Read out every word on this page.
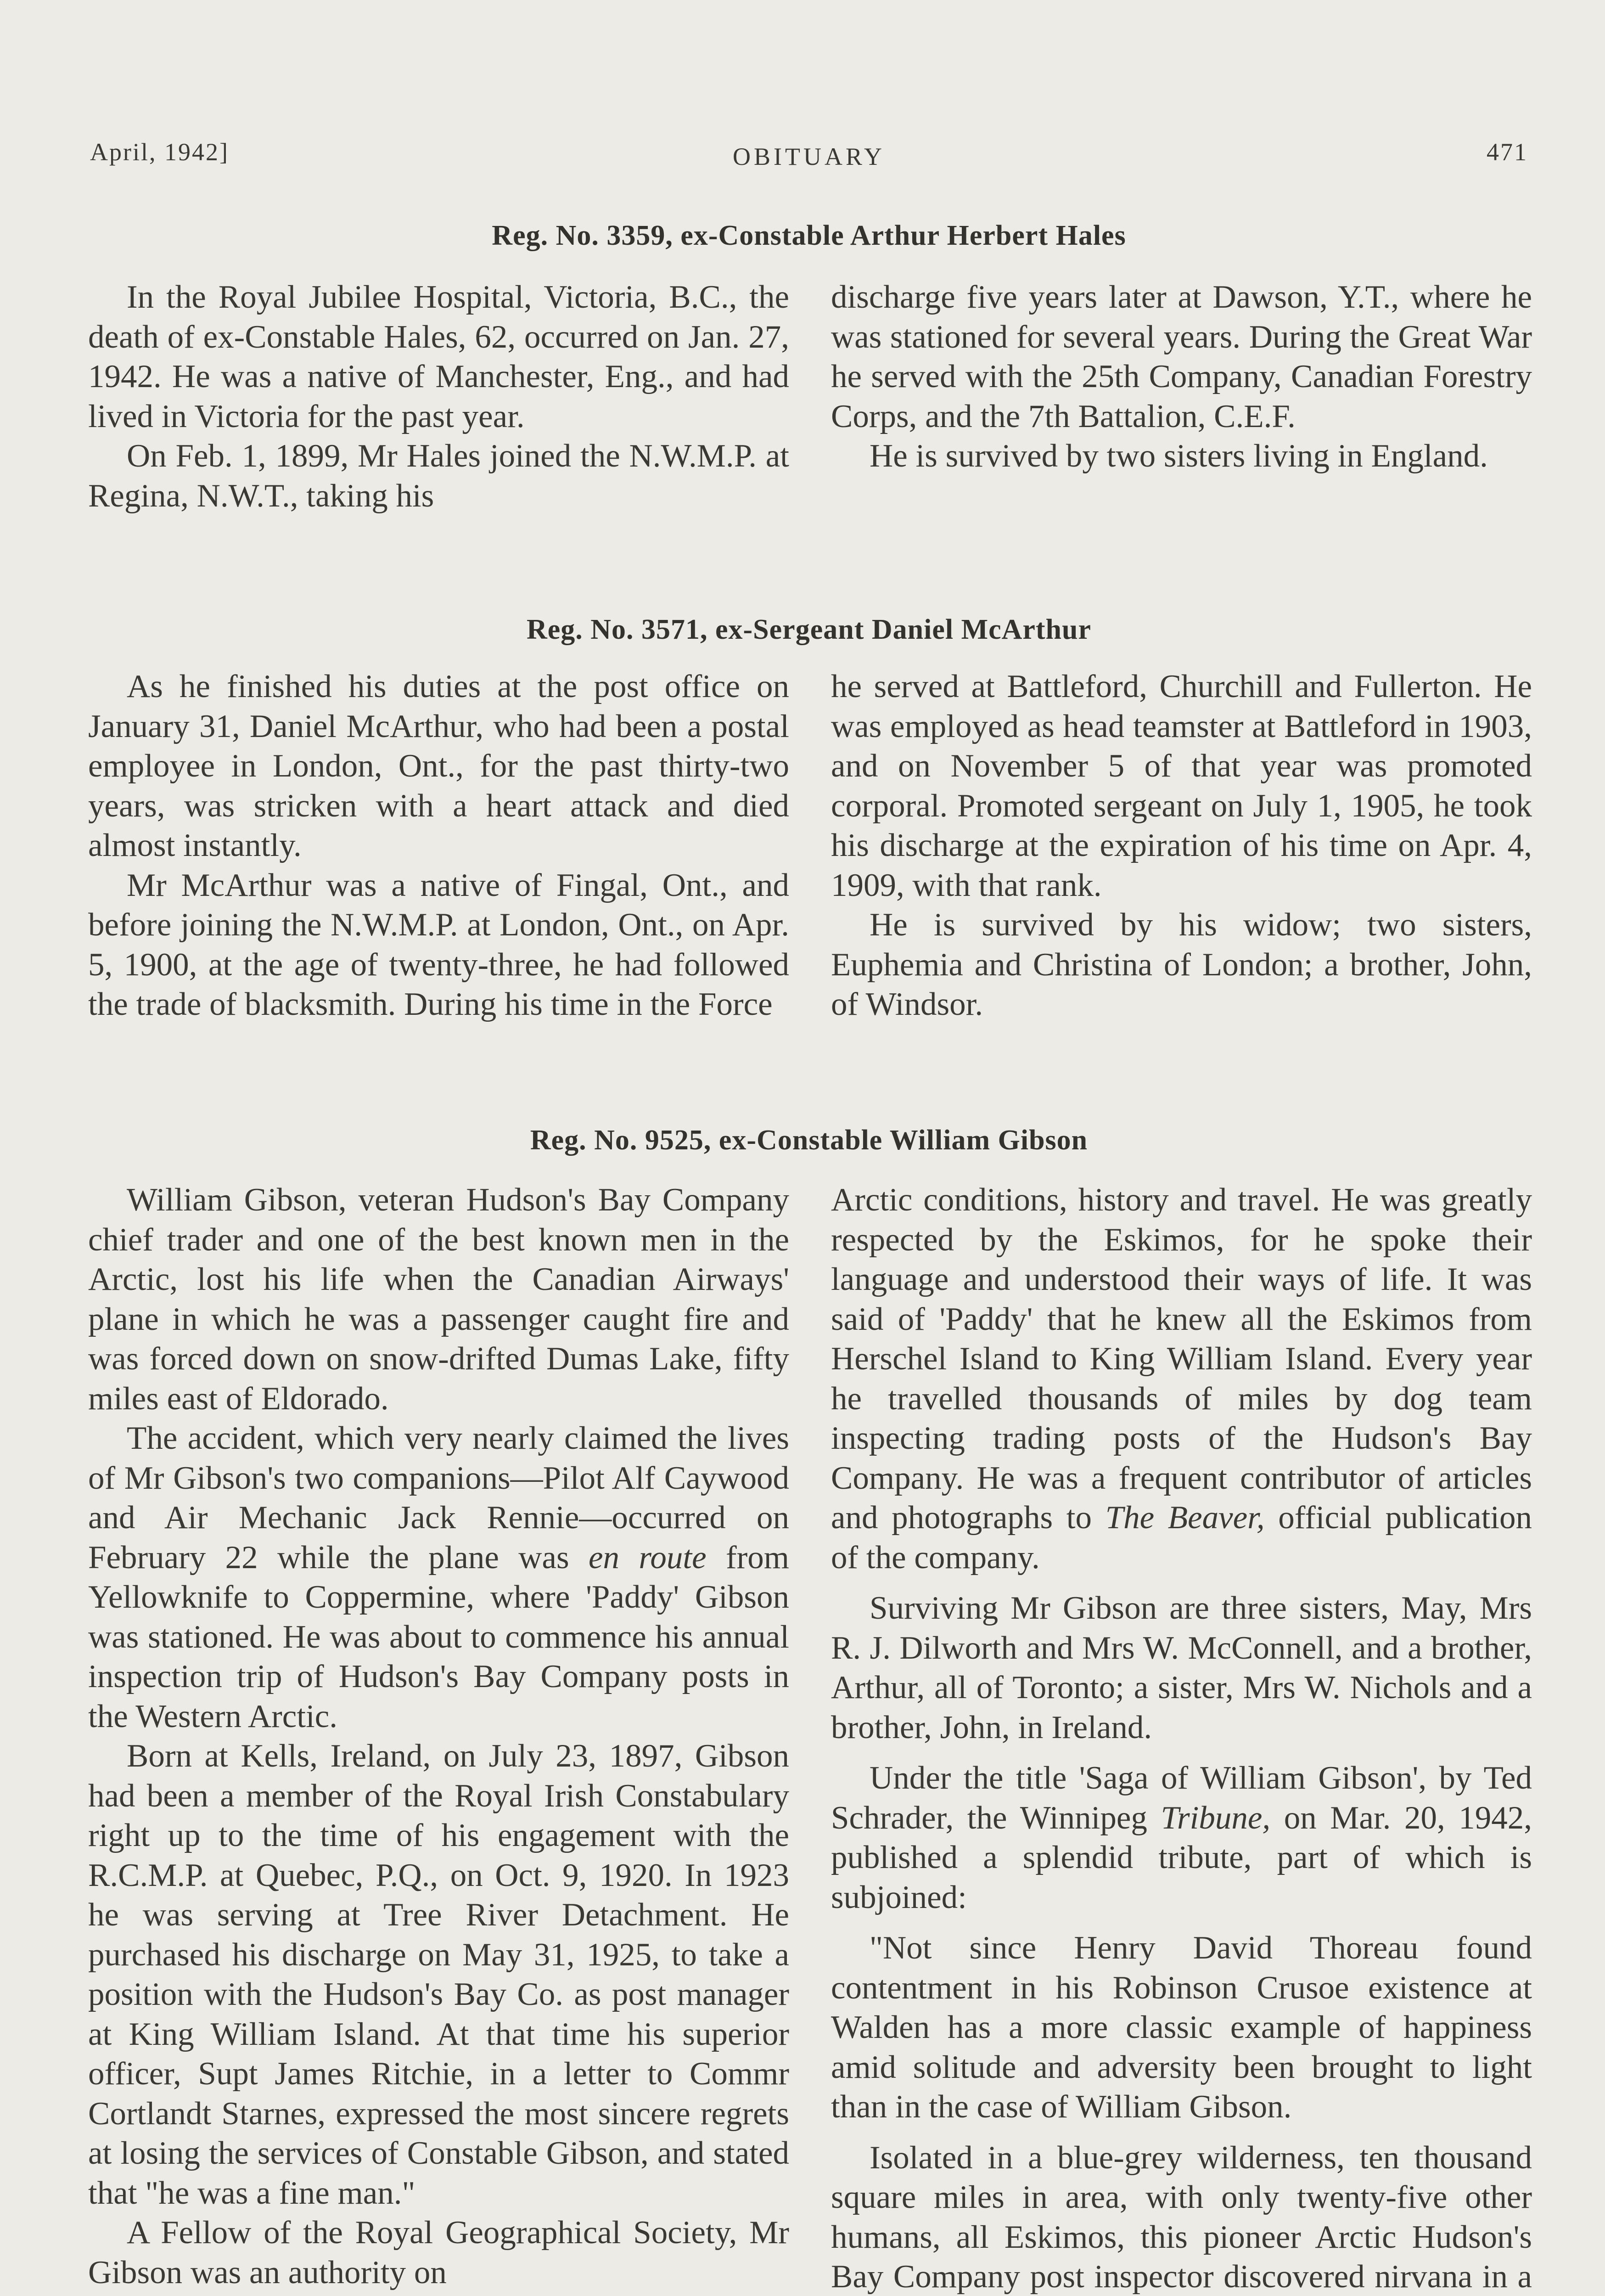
April, 1942]	OBITUARY	471
Reg. No. 3359, ex-Constable Arthur Herbert Hales

In the Royal Jubilee Hospital, Victoria, B.C., the death of ex-Constable Hales, 62, occurred on Jan. 27, 1942. He was a native of Manchester, Eng., and had lived in Victoria for the past year.

On Feb. 1, 1899, Mr Hales joined the N.W.M.P. at Regina, N.W.T., taking his

discharge five years later at Dawson, Y.T., where he was stationed for several years. During the Great War he served with the 25th Company, Canadian Forestry Corps, and the 7th Battalion, C.E.F.

He is survived by two sisters living in England.

Reg. No. 3571, ex-Sergeant Daniel McArthur

As he finished his duties at the post office on January 31, Daniel McArthur, who had been a postal employee in London, Ont., for the past thirty-two years, was stricken with a heart attack and died almost instantly.

Mr McArthur was a native of Fingal, Ont., and before joining the N.W.M.P. at London, Ont., on Apr. 5, 1900, at the age of twenty-three, he had followed the trade of blacksmith. During his time in the Force

he served at Battleford, Churchill and Fullerton. He was employed as head teamster at Battleford in 1903, and on November 5 of that year was promoted corporal. Promoted sergeant on July 1, 1905, he took his discharge at the expiration of his time on Apr. 4, 1909, with that rank.

He is survived by his widow; two sisters, Euphemia and Christina of London; a brother, John, of Windsor.

Reg. No. 9525, ex-Constable William Gibson

William Gibson, veteran Hudson's Bay Company chief trader and one of the best known men in the Arctic, lost his life when the Canadian Airways' plane in which he was a passenger caught fire and was forced down on snow-drifted Dumas Lake, fifty miles east of Eldorado.

The accident, which very nearly claimed the lives of Mr Gibson's two companions—Pilot Alf Caywood and Air Mechanic Jack Rennie—occurred on February 22 while the plane was en route from Yellowknife to Coppermine, where 'Paddy' Gibson was stationed. He was about to commence his annual inspection trip of Hudson's Bay Company posts in the Western Arctic.

Born at Kells, Ireland, on July 23, 1897, Gibson had been a member of the Royal Irish Constabulary right up to the time of his engagement with the R.C.M.P. at Quebec, P.Q., on Oct. 9, 1920. In 1923 he was serving at Tree River Detachment. He purchased his discharge on May 31, 1925, to take a position with the Hudson's Bay Co. as post manager at King William Island. At that time his superior officer, Supt James Ritchie, in a letter to Commr Cortlandt Starnes, expressed the most sincere regrets at losing the services of Constable Gibson, and stated that "he was a fine man."

A Fellow of the Royal Geographical Society, Mr Gibson was an authority on

Arctic conditions, history and travel. He was greatly respected by the Eskimos, for he spoke their language and understood their ways of life. It was said of 'Paddy' that he knew all the Eskimos from Herschel Island to King William Island. Every year he travelled thousands of miles by dog team inspecting trading posts of the Hudson's Bay Company. He was a frequent contributor of articles and photographs to The Beaver, official publication of the company.

Surviving Mr Gibson are three sisters, May, Mrs R. J. Dilworth and Mrs W. McConnell, and a brother, Arthur, all of Toronto; a sister, Mrs W. Nichols and a brother, John, in Ireland.

Under the title 'Saga of William Gibson', by Ted Schrader, the Winnipeg Tribune, on Mar. 20, 1942, published a splendid tribute, part of which is subjoined:

"Not since Henry David Thoreau found contentment in his Robinson Crusoe existence at Walden has a more classic example of happiness amid solitude and adversity been brought to light than in the case of William Gibson.

Isolated in a blue-grey wilderness, ten thousand square miles in area, with only twenty-five other humans, all Eskimos, this pioneer Arctic Hudson's Bay Company post inspector discovered nirvana in a
